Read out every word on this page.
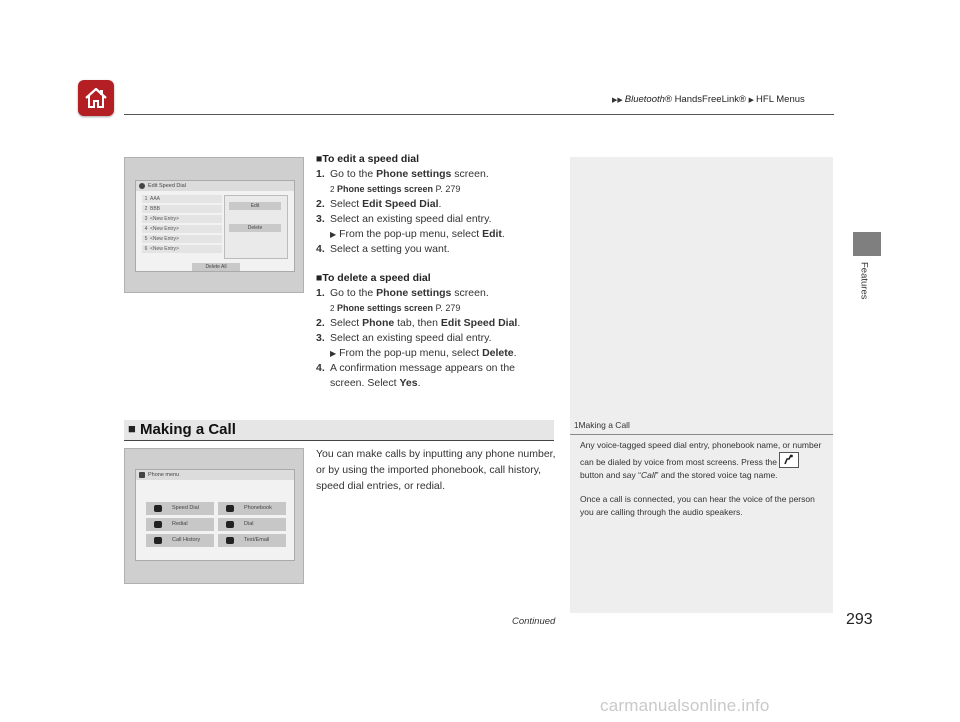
▶▶ Bluetooth® HandsFreeLink® ▶ HFL Menus
Features
Edit Speed Dial
1 AAA
2 BBB
3 <New Entry>
4 <New Entry>
5 <New Entry>
6 <New Entry>
Edit
Delete
Delete All
■To edit a speed dial
1. Go to the Phone settings screen.
2 Phone settings screen P. 279
2. Select Edit Speed Dial.
3. Select an existing speed dial entry.
▶ From the pop-up menu, select Edit.
4. Select a setting you want.
■To delete a speed dial
1. Go to the Phone settings screen.
2 Phone settings screen P. 279
2. Select Phone tab, then Edit Speed Dial.
3. Select an existing speed dial entry.
▶ From the pop-up menu, select Delete.
4. A confirmation message appears on the
screen. Select Yes.
■ Making a Call	1Making a Call
Any voice-tagged speed dial entry, phonebook name, or number can be dialed by voice from most screens. Press the
button and say “Call” and the stored voice tag name.
Once a call is connected, you can hear the voice of the person you are calling through the audio speakers.
You can make calls by inputting any phone number, or by using the imported phonebook, call history, speed dial entries, or redial.
Phone menu
Speed Dial	Phonebook
Redial	Dial
Call History	Text/Email
Continued	293
carmanualsonline.info
